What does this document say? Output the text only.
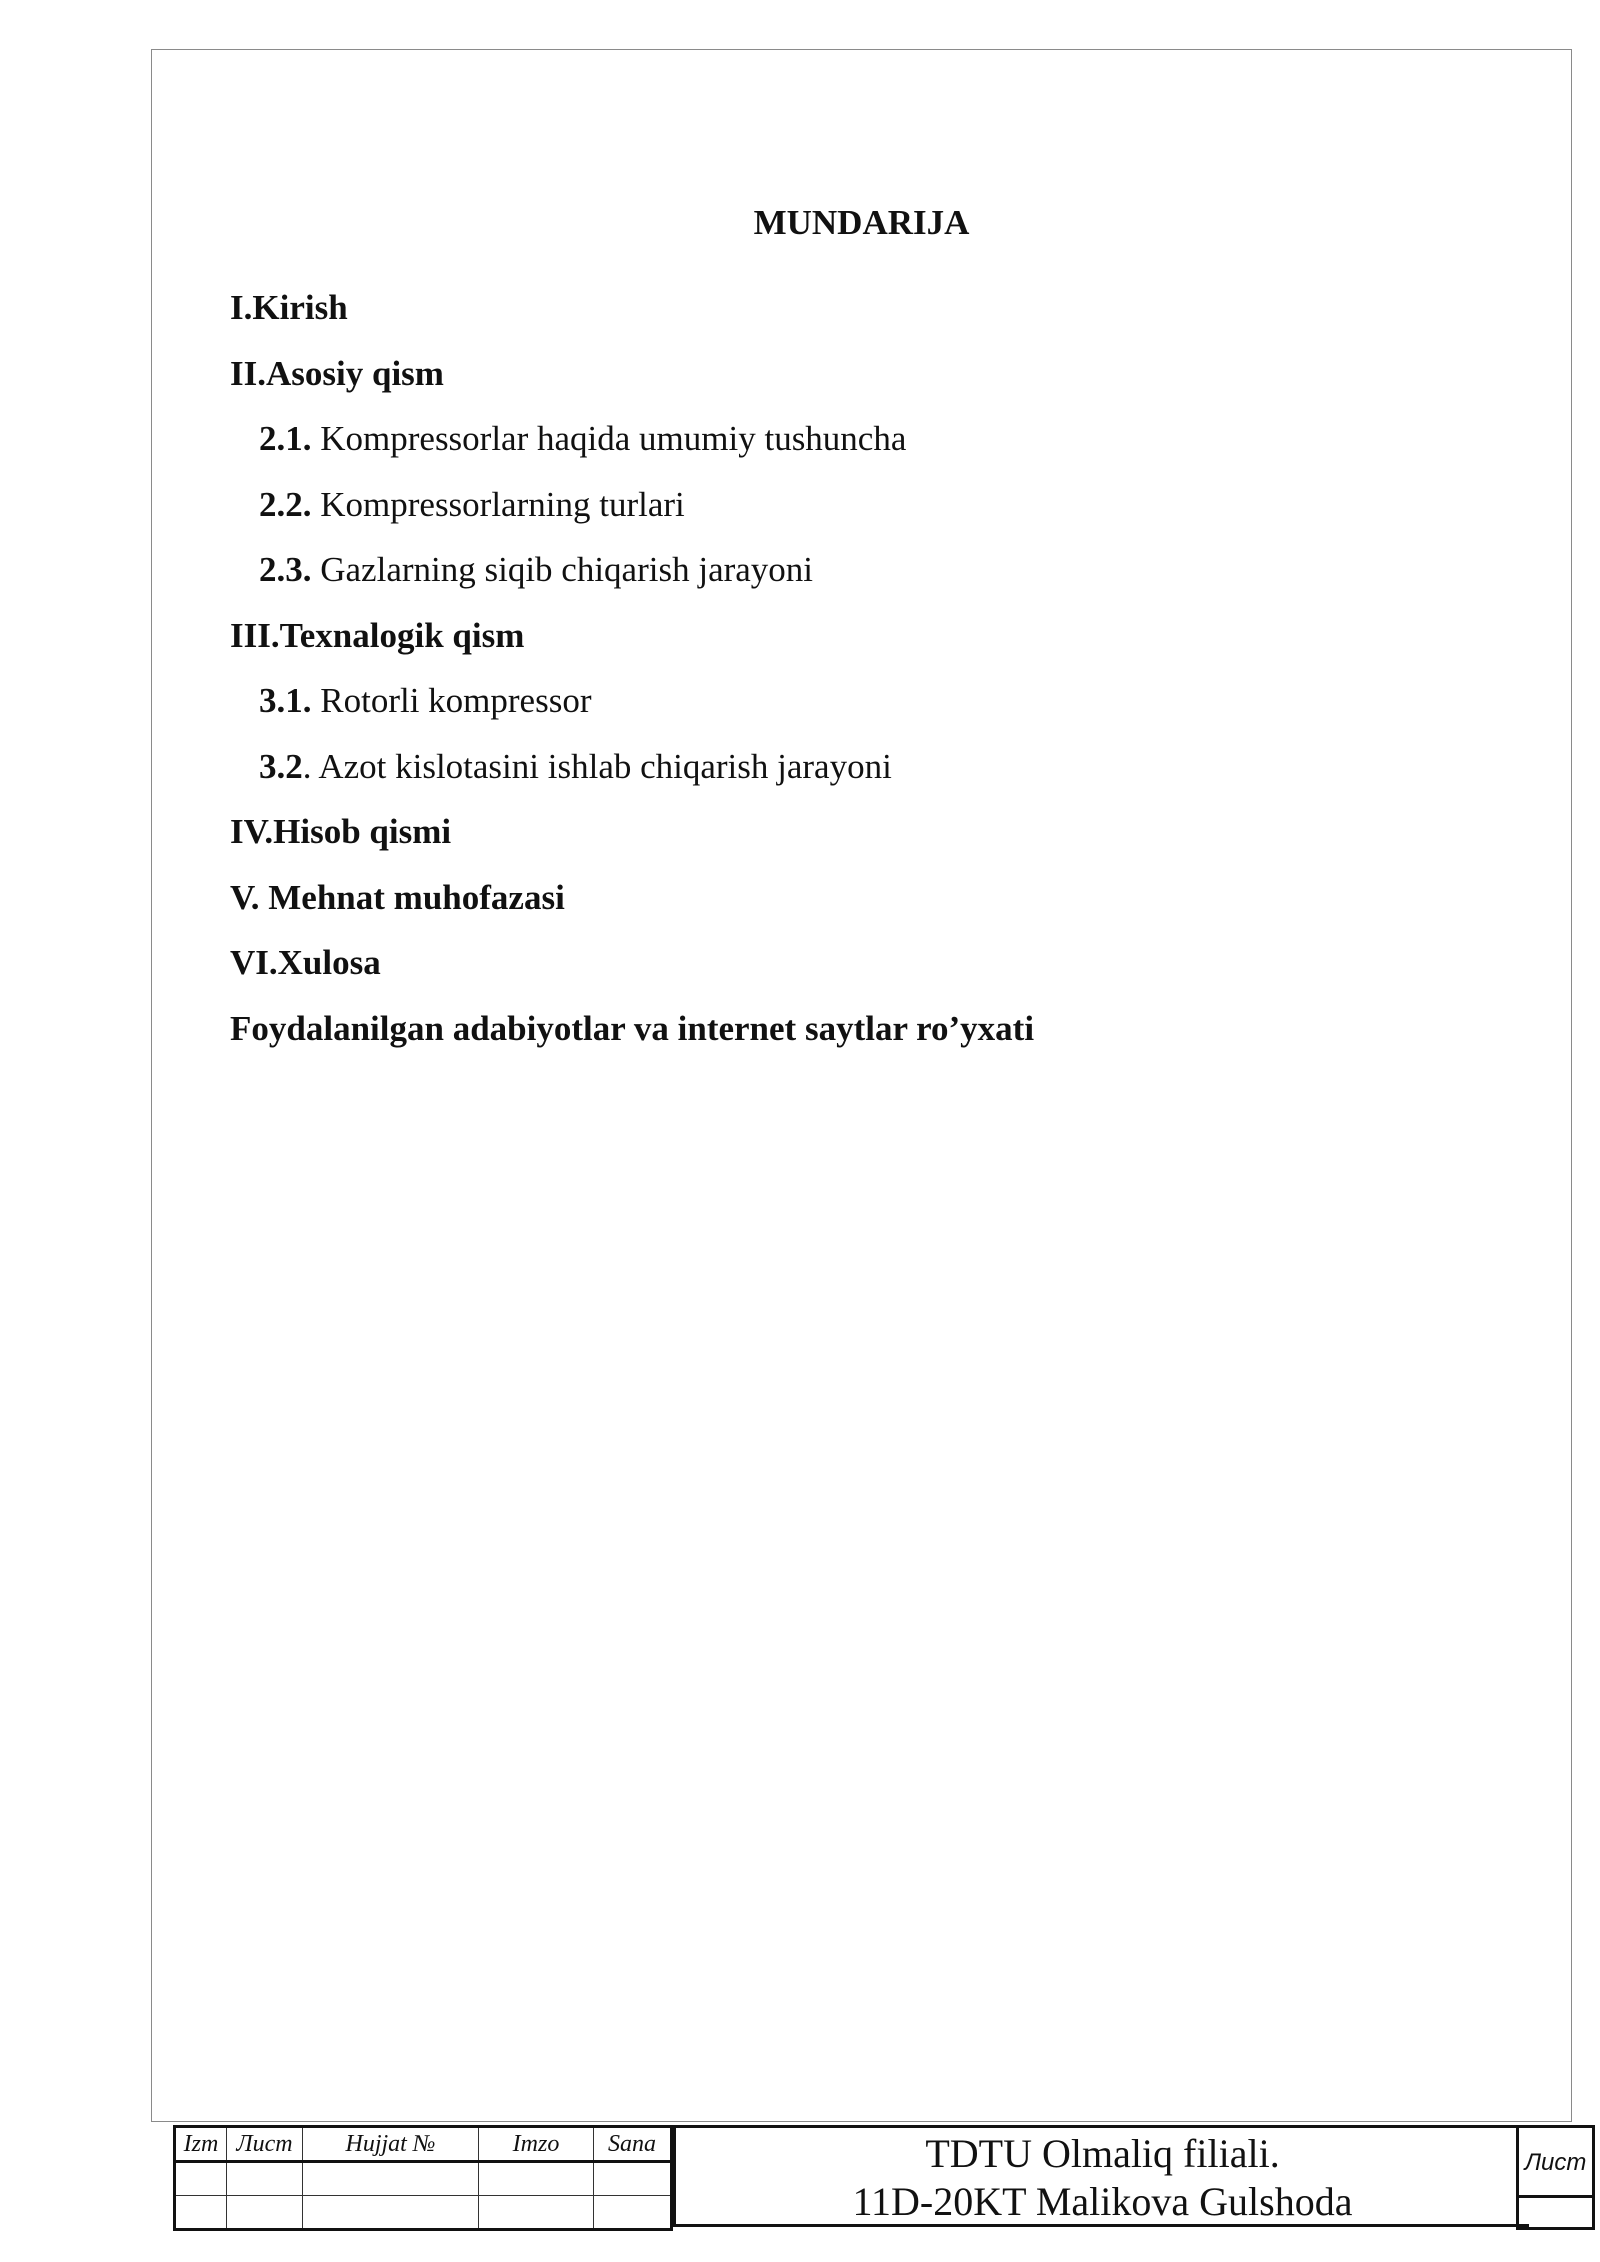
MUNDARIJA
I.Kirish
II.Asosiy qism
2.1. Kompressorlar haqida umumiy tushuncha
2.2. Kompressorlarning turlari
2.3. Gazlarning siqib chiqarish jarayoni
III.Texnalogik qism
3.1. Rotorli kompressor
3.2. Azot kislotasini ishlab chiqarish jarayoni
IV.Hisob qismi
V. Mehnat muhofazasi
VI.Xulosa
Foydalanilgan adabiyotlar va internet saytlar ro’yxati
Izm	Лист	Hujjat №	Imzo	Sana

					TDTU Olmaliq filiali.
11D-20KT Malikova Gulshoda
Лист
